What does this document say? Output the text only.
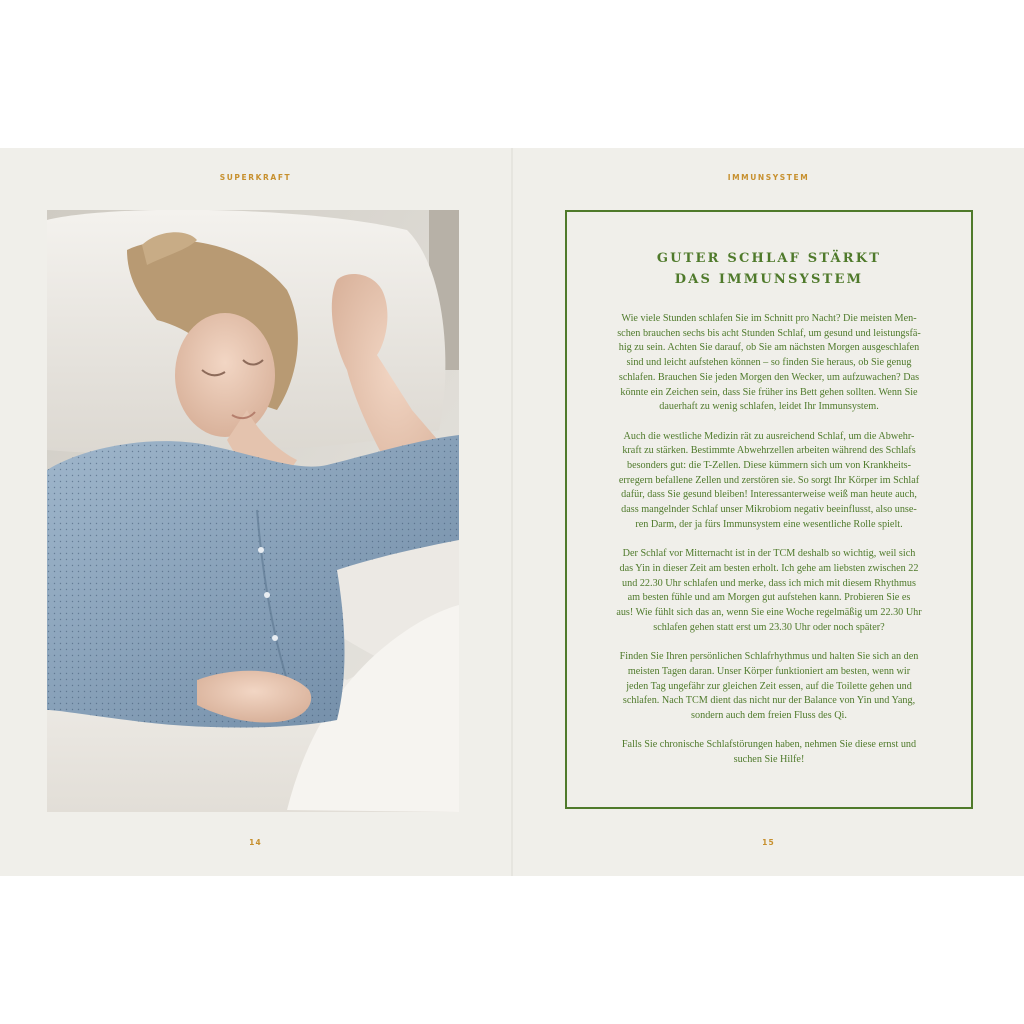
SUPERKRAFT
14
IMMUNSYSTEM
GUTER SCHLAF STÄRKT
DAS IMMUNSYSTEM

Wie viele Stunden schlafen Sie im Schnitt pro Nacht? Die meisten Men-
schen brauchen sechs bis acht Stunden Schlaf, um gesund und leistungsfä-
hig zu sein. Achten Sie darauf, ob Sie am nächsten Morgen ausgeschlafen
sind und leicht aufstehen können – so finden Sie heraus, ob Sie genug
schlafen. Brauchen Sie jeden Morgen den Wecker, um aufzuwachen? Das
könnte ein Zeichen sein, dass Sie früher ins Bett gehen sollten. Wenn Sie
dauerhaft zu wenig schlafen, leidet Ihr Immunsystem.

Auch die westliche Medizin rät zu ausreichend Schlaf, um die Abwehr-
kraft zu stärken. Bestimmte Abwehrzellen arbeiten während des Schlafs
besonders gut: die T-Zellen. Diese kümmern sich um von Krankheits-
erregern befallene Zellen und zerstören sie. So sorgt Ihr Körper im Schlaf
dafür, dass Sie gesund bleiben! Interessanterweise weiß man heute auch,
dass mangelnder Schlaf unser Mikrobiom negativ beeinflusst, also unse-
ren Darm, der ja fürs Immunsystem eine wesentliche Rolle spielt.

Der Schlaf vor Mitternacht ist in der TCM deshalb so wichtig, weil sich
das Yin in dieser Zeit am besten erholt. Ich gehe am liebsten zwischen 22
und 22.30 Uhr schlafen und merke, dass ich mich mit diesem Rhythmus
am besten fühle und am Morgen gut aufstehen kann. Probieren Sie es
aus! Wie fühlt sich das an, wenn Sie eine Woche regelmäßig um 22.30 Uhr
schlafen gehen statt erst um 23.30 Uhr oder noch später?

Finden Sie Ihren persönlichen Schlafrhythmus und halten Sie sich an den
meisten Tagen daran. Unser Körper funktioniert am besten, wenn wir
jeden Tag ungefähr zur gleichen Zeit essen, auf die Toilette gehen und
schlafen. Nach TCM dient das nicht nur der Balance von Yin und Yang,
sondern auch dem freien Fluss des Qi.

Falls Sie chronische Schlafstörungen haben, nehmen Sie diese ernst und
suchen Sie Hilfe!

15
